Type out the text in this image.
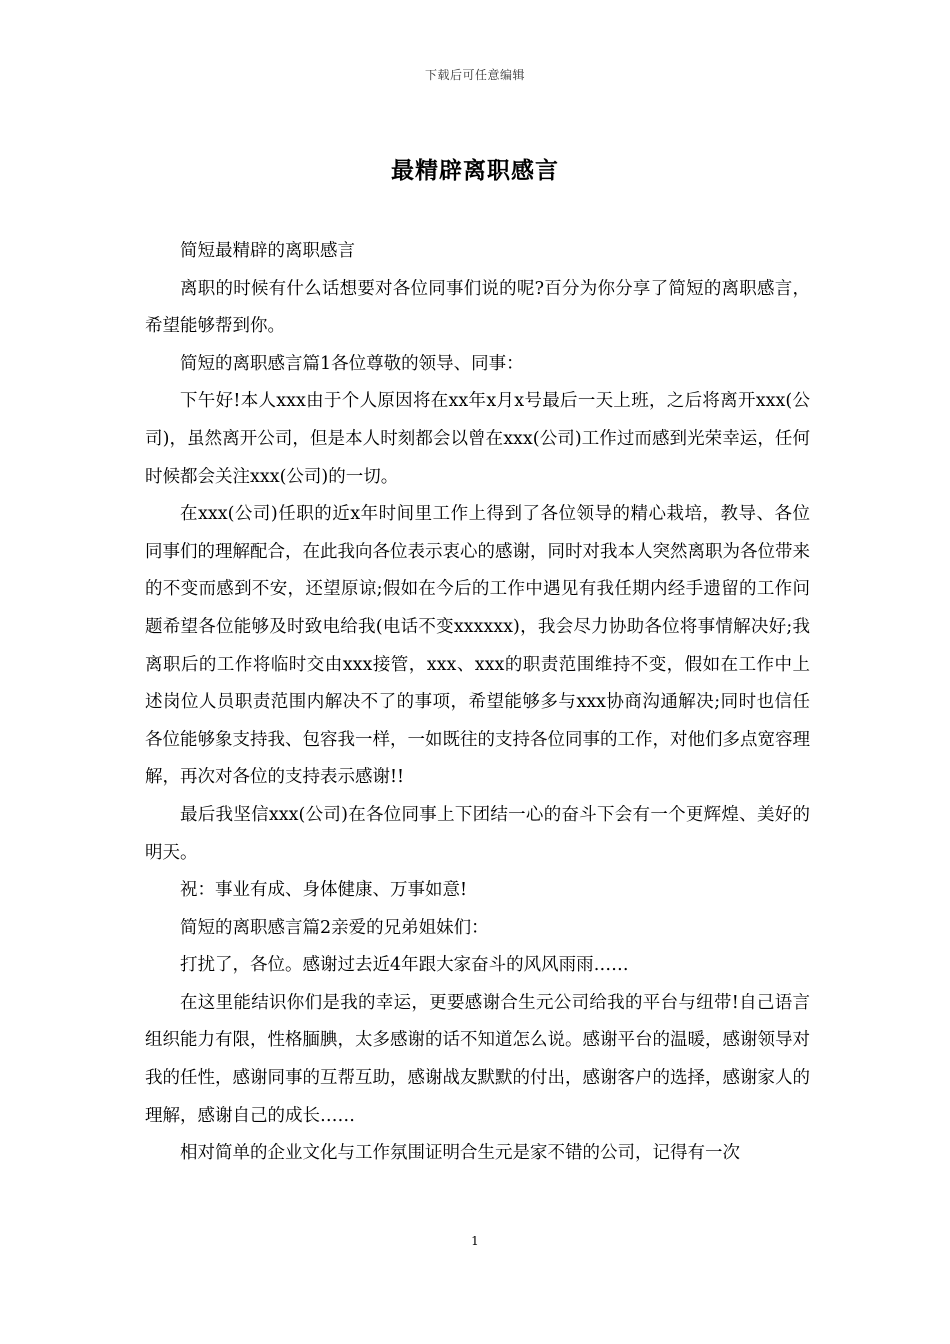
下载后可任意编辑
最精辟离职感言

简短最精辟的离职感言

离职的时候有什么话想要对各位同事们说的呢?百分为你分享了简短的离职感言，希望能够帮到你。

简短的离职感言篇1各位尊敬的领导、同事：

下午好!本人xxx由于个人原因将在xx年x月x号最后一天上班，之后将离开xxx(公司)，虽然离开公司，但是本人时刻都会以曾在xxx(公司)工作过而感到光荣幸运，任何时候都会关注xxx(公司)的一切。

在xxx(公司)任职的近x年时间里工作上得到了各位领导的精心栽培，教导、各位同事们的理解配合，在此我向各位表示衷心的感谢，同时对我本人突然离职为各位带来的不变而感到不安，还望原谅;假如在今后的工作中遇见有我任期内经手遗留的工作问题希望各位能够及时致电给我(电话不变xxxxxx)，我会尽力协助各位将事情解决好;我离职后的工作将临时交由xxx接管，xxx、xxx的职责范围维持不变，假如在工作中上述岗位人员职责范围内解决不了的事项，希望能够多与xxx协商沟通解决;同时也信任各位能够象支持我、包容我一样，一如既往的支持各位同事的工作，对他们多点宽容理解，再次对各位的支持表示感谢!!

最后我坚信xxx(公司)在各位同事上下团结一心的奋斗下会有一个更辉煌、美好的明天。

祝：事业有成、身体健康、万事如意!

简短的离职感言篇2亲爱的兄弟姐妹们：

打扰了，各位。感谢过去近4年跟大家奋斗的风风雨雨……

在这里能结识你们是我的幸运，更要感谢合生元公司给我的平台与纽带!自己语言组织能力有限，性格腼腆，太多感谢的话不知道怎么说。感谢平台的温暖，感谢领导对我的任性，感谢同事的互帮互助，感谢战友默默的付出，感谢客户的选择，感谢家人的理解，感谢自己的成长……

相对简单的企业文化与工作氛围证明合生元是家不错的公司，记得有一次

1
